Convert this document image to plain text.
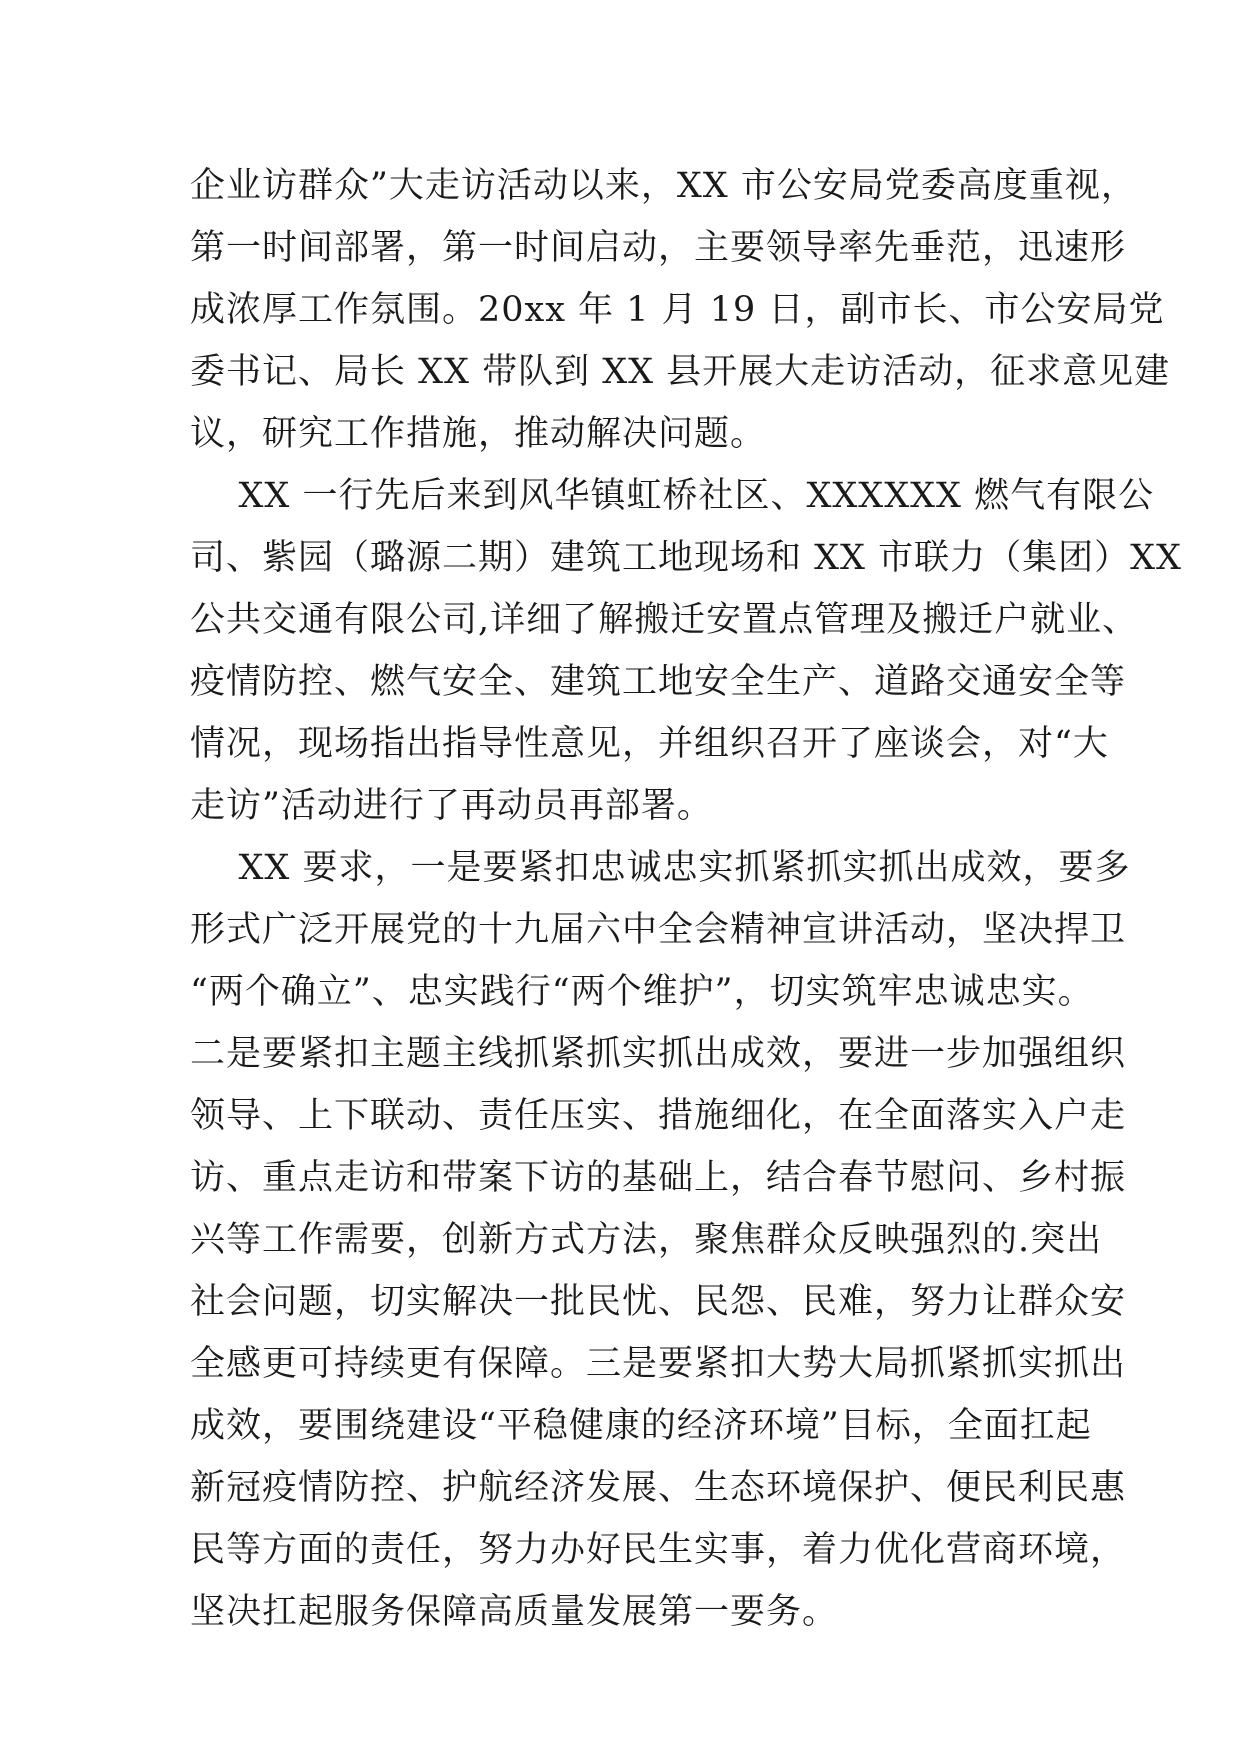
企业访群众”大走访活动以来，XX 市公安局党委高度重视，
第一时间部署，第一时间启动，主要领导率先垂范，迅速形
成浓厚工作氛围。20xx 年 1 月 19 日，副市长、市公安局党
委书记、局长 XX 带队到 XX 县开展大走访活动，征求意见建
议，研究工作措施，推动解决问题。
XX 一行先后来到风华镇虹桥社区、XXXXXX 燃气有限公
司、紫园（璐源二期）建筑工地现场和 XX 市联力（集团）XX
公共交通有限公司,详细了解搬迁安置点管理及搬迁户就业、
疫情防控、燃气安全、建筑工地安全生产、道路交通安全等
情况，现场指出指导性意见，并组织召开了座谈会，对“大
走访”活动进行了再动员再部署。
XX 要求，一是要紧扣忠诚忠实抓紧抓实抓出成效，要多
形式广泛开展党的十九届六中全会精神宣讲活动，坚决捍卫
“两个确立”、忠实践行“两个维护”，切实筑牢忠诚忠实。
二是要紧扣主题主线抓紧抓实抓出成效，要进一步加强组织
领导、上下联动、责任压实、措施细化，在全面落实入户走
访、重点走访和带案下访的基础上，结合春节慰问、乡村振
兴等工作需要，创新方式方法，聚焦群众反映强烈的.突出
社会问题，切实解决一批民忧、民怨、民难，努力让群众安
全感更可持续更有保障。三是要紧扣大势大局抓紧抓实抓出
成效，要围绕建设“平稳健康的经济环境”目标，全面扛起
新冠疫情防控、护航经济发展、生态环境保护、便民利民惠
民等方面的责任，努力办好民生实事，着力优化营商环境，
坚决扛起服务保障高质量发展第一要务。
